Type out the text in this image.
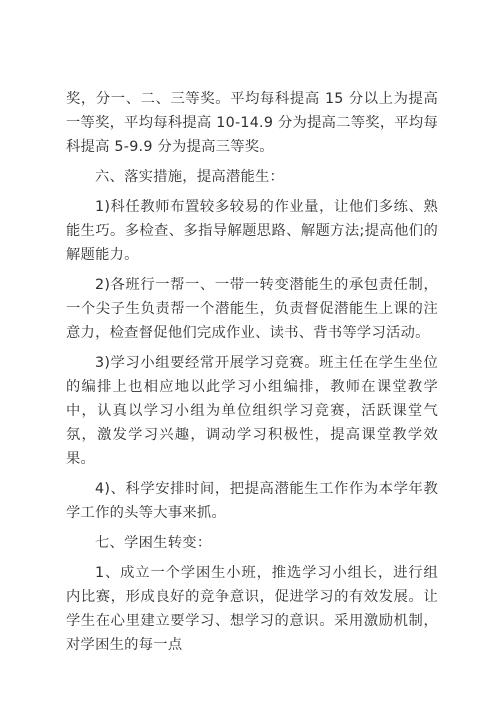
奖，分一、二、三等奖。平均每科提高 15 分以上为提高一等奖，平均每科提高 10-14.9 分为提高二等奖，平均每科提高 5-9.9 分为提高三等奖。

六、落实措施，提高潜能生：

1)科任教师布置较多较易的作业量，让他们多练、熟能生巧。多检查、多指导解题思路、解题方法;提高他们的解题能力。

2)各班行一帮一、一带一转变潜能生的承包责任制，一个尖子生负责帮一个潜能生，负责督促潜能生上课的注意力，检查督促他们完成作业、读书、背书等学习活动。

3)学习小组要经常开展学习竞赛。班主任在学生坐位的编排上也相应地以此学习小组编排，教师在课堂教学中，认真以学习小组为单位组织学习竞赛，活跃课堂气氛，激发学习兴趣，调动学习积极性，提高课堂教学效果。

4)、科学安排时间，把提高潜能生工作作为本学年教学工作的头等大事来抓。

七、学困生转变：

1、成立一个学困生小班，推选学习小组长，进行组内比赛，形成良好的竞争意识，促进学习的有效发展。让学生在心里建立要学习、想学习的意识。采用激励机制，对学困生的每一点
